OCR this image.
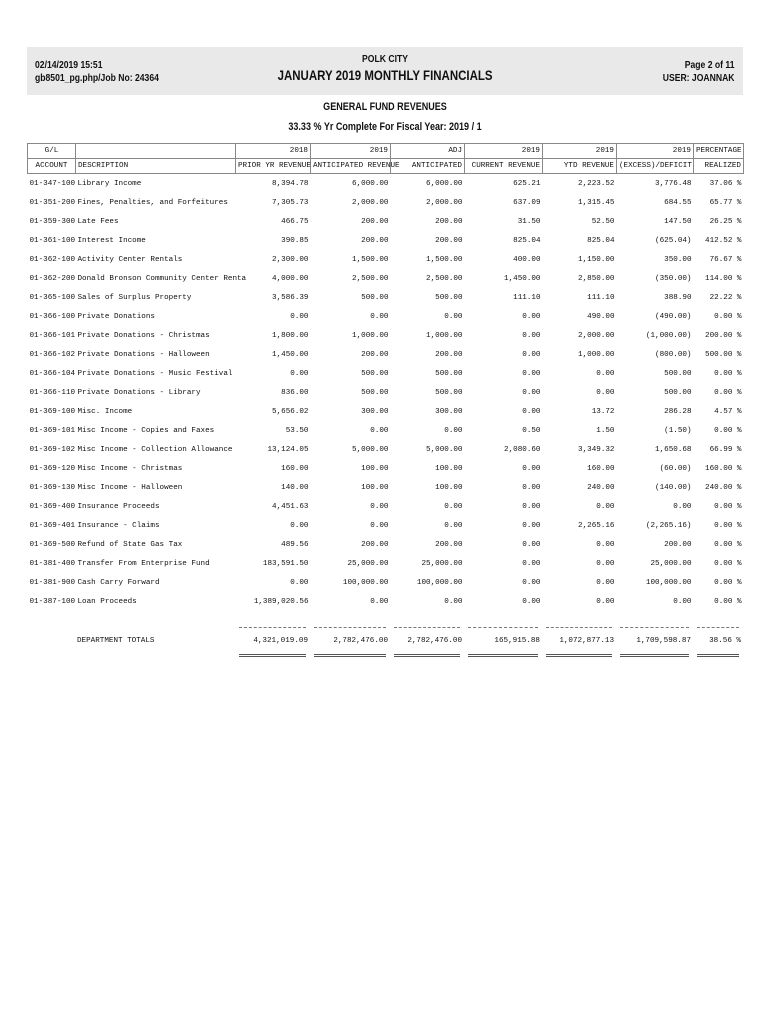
02/14/2019 15:51
gb8501_pg.php/Job No: 24364
POLK CITY
JANUARY 2019 MONTHLY FINANCIALS
Page 2 of 11
USER: JOANNAK
GENERAL FUND REVENUES
33.33 % Yr Complete For Fiscal Year: 2019 / 1
G/L		2018	2019	ADJ	2019	2019	2019	PERCENTAGE
ACCOUNT	DESCRIPTION	PRIOR YR REVENUE	ANTICIPATED REVENUE	ANTICIPATED	CURRENT REVENUE	YTD REVENUE	(EXCESS)/DEFICIT	REALIZED
01-347-100	Library Income	8,394.78	6,000.00	6,000.00	625.21	2,223.52	3,776.48	37.06 %
01-351-200	Fines, Penalties, and Forfeitures	7,305.73	2,000.00	2,000.00	637.09	1,315.45	684.55	65.77 %
01-359-300	Late Fees	466.75	200.00	200.00	31.50	52.50	147.50	26.25 %
01-361-100	Interest Income	390.85	200.00	200.00	825.04	825.04	(625.04)	412.52 %
01-362-100	Activity Center Rentals	2,300.00	1,500.00	1,500.00	400.00	1,150.00	350.00	76.67 %
01-362-200	Donald Bronson Community Center Renta	4,000.00	2,500.00	2,500.00	1,450.00	2,850.00	(350.00)	114.00 %
01-365-100	Sales of Surplus Property	3,586.39	500.00	500.00	111.10	111.10	388.90	22.22 %
01-366-100	Private Donations	0.00	0.00	0.00	0.00	490.00	(490.00)	0.00 %
01-366-101	Private Donations - Christmas	1,800.00	1,000.00	1,000.00	0.00	2,000.00	(1,000.00)	200.00 %
01-366-102	Private Donations - Halloween	1,450.00	200.00	200.00	0.00	1,000.00	(800.00)	500.00 %
01-366-104	Private Donations - Music Festival	0.00	500.00	500.00	0.00	0.00	500.00	0.00 %
01-366-110	Private Donations - Library	836.00	500.00	500.00	0.00	0.00	500.00	0.00 %
01-369-100	Misc. Income	5,656.02	300.00	300.00	0.00	13.72	286.28	4.57 %
01-369-101	Misc Income - Copies and Faxes	53.50	0.00	0.00	0.50	1.50	(1.50)	0.00 %
01-369-102	Misc Income - Collection Allowance	13,124.05	5,000.00	5,000.00	2,080.60	3,349.32	1,650.68	66.99 %
01-369-120	Misc Income - Christmas	160.00	100.00	100.00	0.00	160.00	(60.00)	160.00 %
01-369-130	Misc Income - Halloween	140.00	100.00	100.00	0.00	240.00	(140.00)	240.00 %
01-369-400	Insurance Proceeds	4,451.63	0.00	0.00	0.00	0.00	0.00	0.00 %
01-369-401	Insurance - Claims	0.00	0.00	0.00	0.00	2,265.16	(2,265.16)	0.00 %
01-369-500	Refund of State Gas Tax	489.56	200.00	200.00	0.00	0.00	200.00	0.00 %
01-381-400	Transfer From Enterprise Fund	183,591.50	25,000.00	25,000.00	0.00	0.00	25,000.00	0.00 %
01-381-900	Cash Carry Forward	0.00	100,000.00	100,000.00	0.00	0.00	100,000.00	0.00 %
01-387-100	Loan Proceeds	1,389,020.56	0.00	0.00	0.00	0.00	0.00	0.00 %

	DEPARTMENT TOTALS	4,321,019.09	2,782,476.00	2,782,476.00	165,915.88	1,072,877.13	1,709,598.87	38.56 %
